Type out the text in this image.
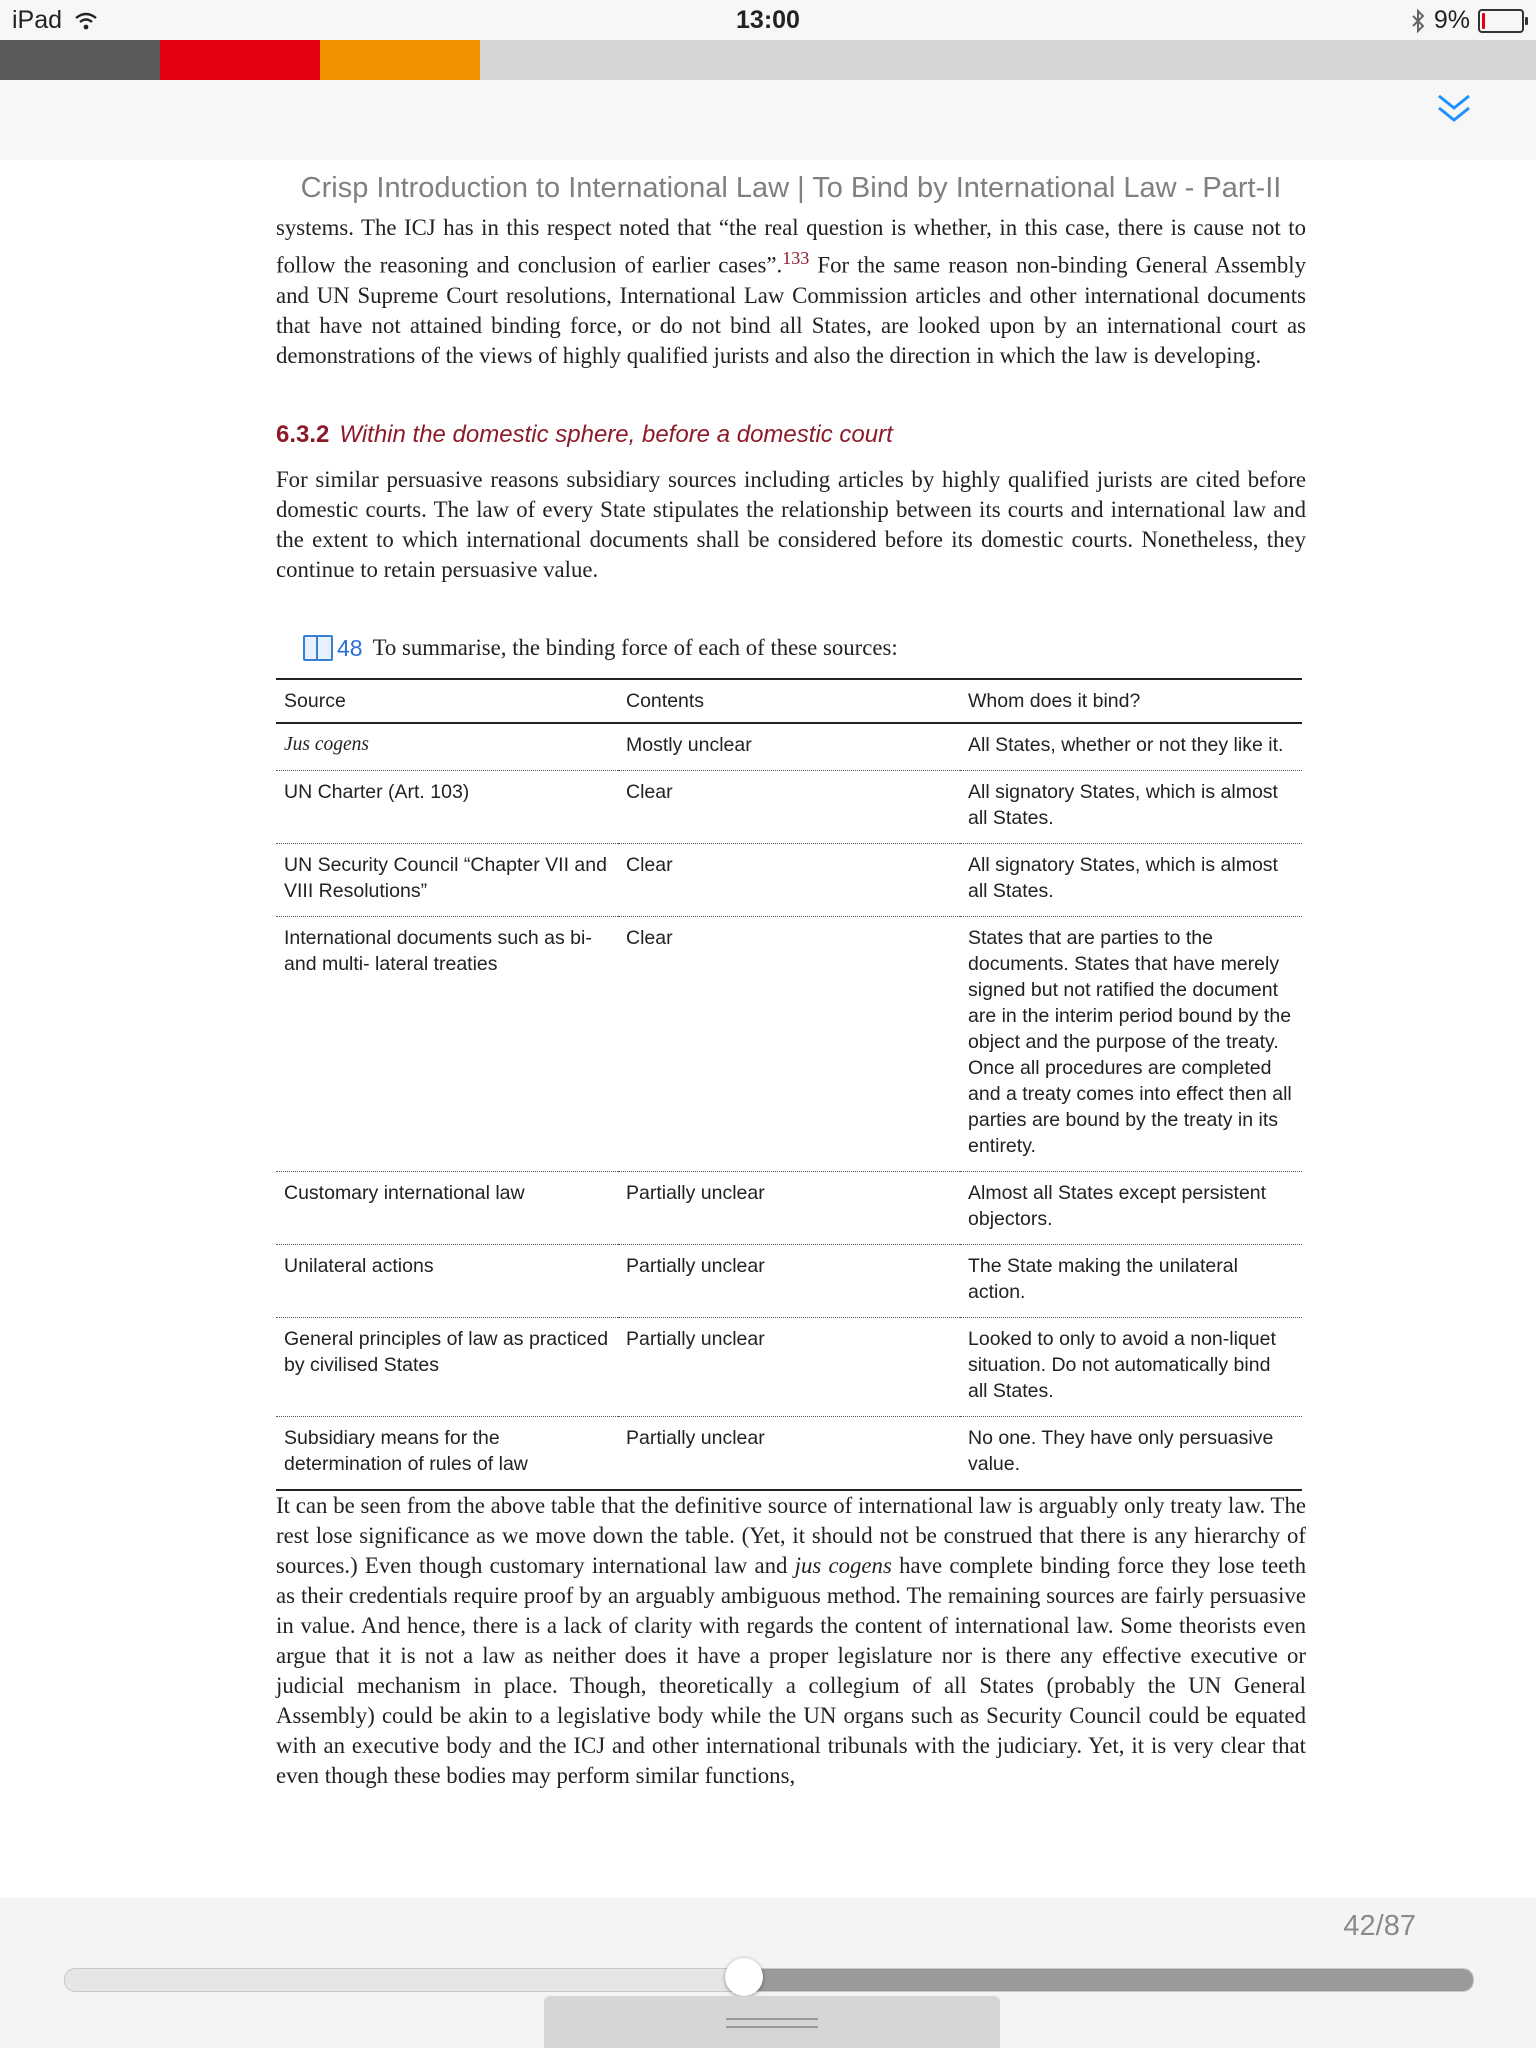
iPad	13:00	9%
Crisp Introduction to International Law | To Bind by International Law - Part-II

systems. The ICJ has in this respect noted that “the real question is whether, in this case, there is cause not to follow the reasoning and conclusion of earlier cases”.$^{133}$ For the same reason non-binding General Assembly and UN Supreme Court resolutions, International Law Commission articles and other international documents that have not attained binding force, or do not bind all States, are looked upon by an international court as demonstrations of the views of highly qualified jurists and also the direction in which the law is developing.

6.3.2 Within the domestic sphere, before a domestic court

For similar persuasive reasons subsidiary sources including articles by highly qualified jurists are cited before domestic courts. The law of every State stipulates the relationship between its courts and international law and the extent to which international documents shall be considered before its domestic courts. Nonetheless, they continue to retain persuasive value.

48 To summarise, the binding force of each of these sources:
Source	Contents	Whom does it bind?
Jus cogens	Mostly unclear	All States, whether or not they like it.
UN Charter (Art. 103)	Clear	All signatory States, which is almost all States.
UN Security Council “Chapter VII and VIII Resolutions”	Clear	All signatory States, which is almost all States.
International documents such as bi- and multi- lateral treaties	Clear	States that are parties to the documents. States that have merely signed but not ratified the document are in the interim period bound by the object and the purpose of the treaty. Once all procedures are completed and a treaty comes into effect then all parties are bound by the treaty in its entirety.
Customary international law	Partially unclear	Almost all States except persistent objectors.
Unilateral actions	Partially unclear	The State making the unilateral action.
General principles of law as practiced by civilised States	Partially unclear	Looked to only to avoid a non-liquet situation. Do not automatically bind all States.
Subsidiary means for the determination of rules of law	Partially unclear	No one. They have only persuasive value.

It can be seen from the above table that the definitive source of international law is arguably only treaty law. The rest lose significance as we move down the table. (Yet, it should not be construed that there is any hierarchy of sources.) Even though customary international law and jus cogens have complete binding force they lose teeth as their credentials require proof by an arguably ambiguous method. The remaining sources are fairly persuasive in value. And hence, there is a lack of clarity with regards the content of international law. Some theorists even argue that it is not a law as neither does it have a proper legislature nor is there any effective executive or judicial mechanism in place. Though, theoretically a collegium of all States (probably the UN General Assembly) could be akin to a legislative body while the UN organs such as Security Council could be equated with an executive body and the ICJ and other international tribunals with the judiciary. Yet, it is very clear that even though these bodies may perform similar functions,

42/87
